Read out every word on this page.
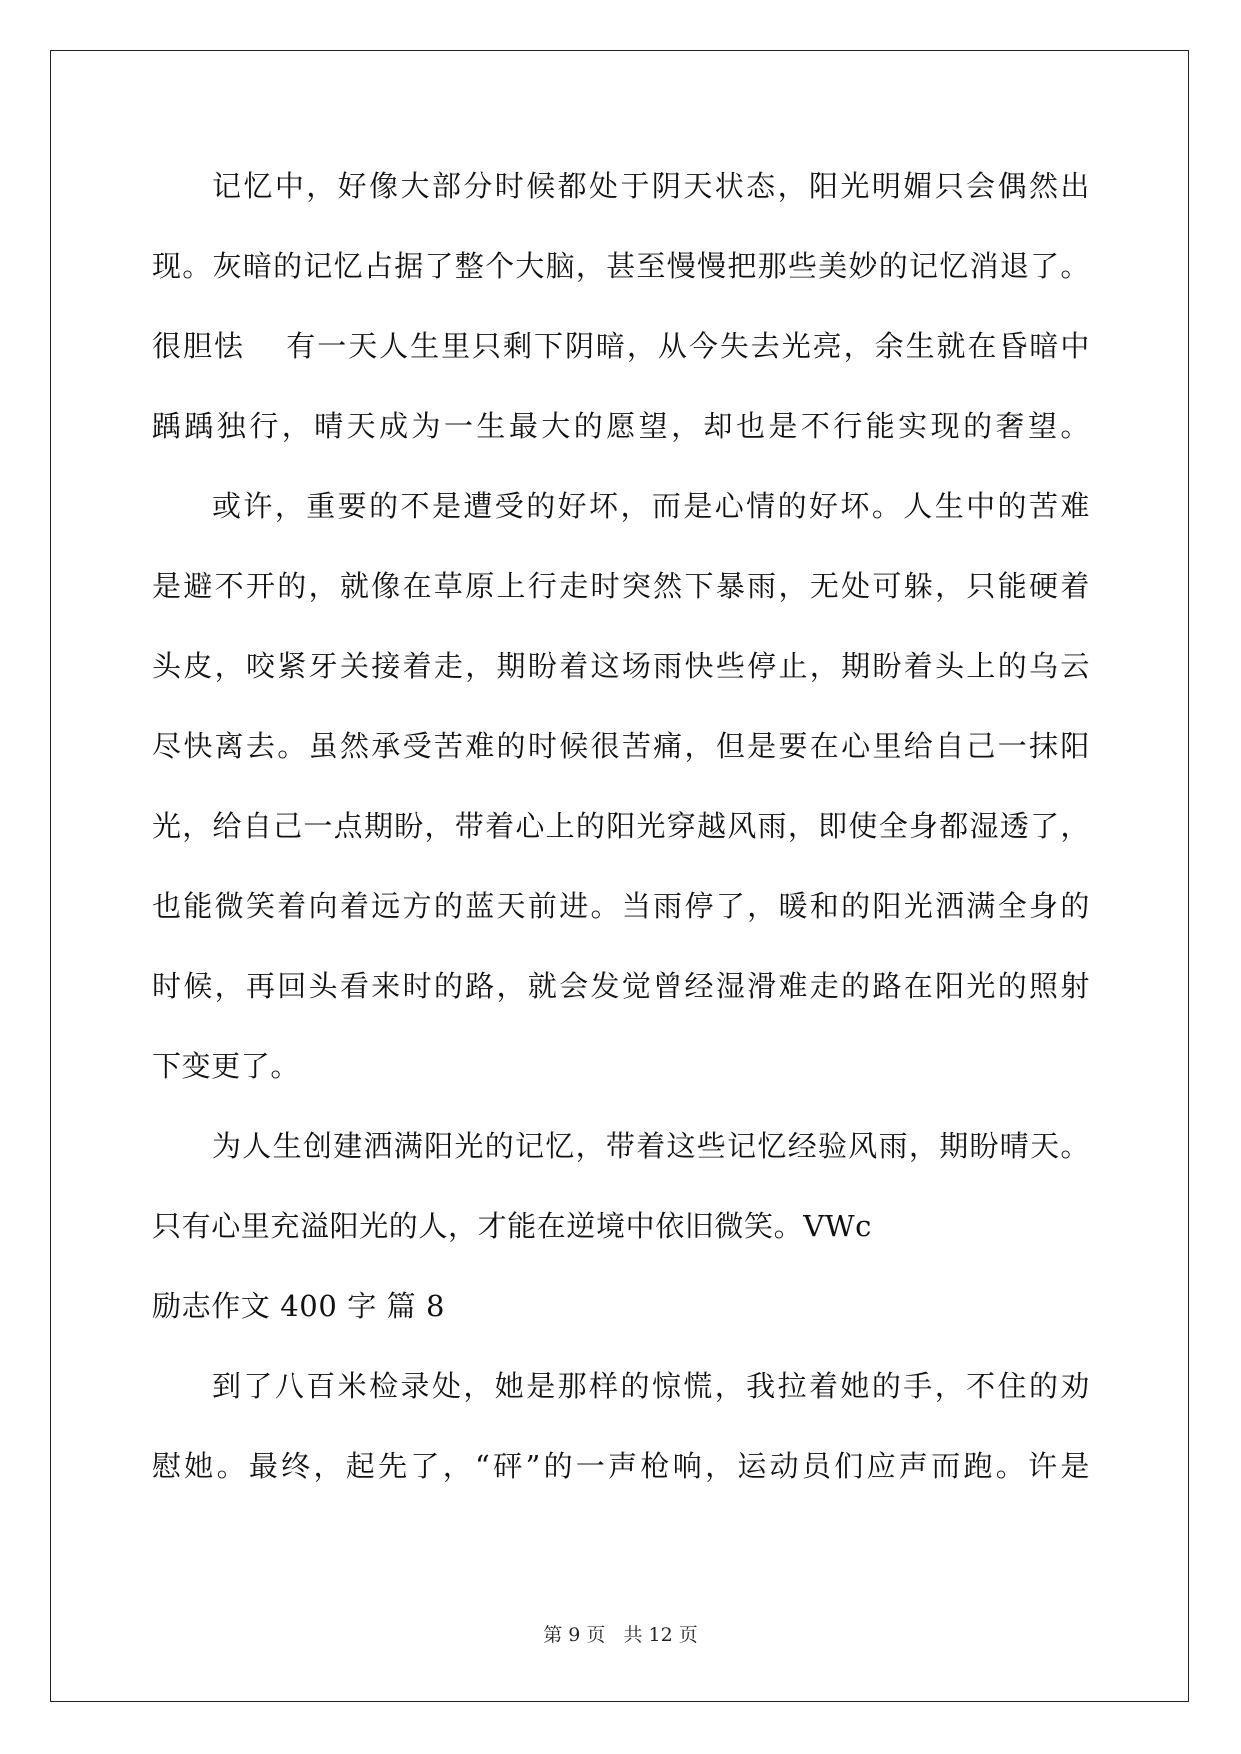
记忆中，好像大部分时候都处于阴天状态，阳光明媚只会偶然出
现。灰暗的记忆占据了整个大脑，甚至慢慢把那些美妙的记忆消退了。
很胆怯 有一天人生里只剩下阴暗，从今失去光亮，余生就在昏暗中
踽踽独行，晴天成为一生最大的愿望，却也是不行能实现的奢望。
或许，重要的不是遭受的好坏，而是心情的好坏。人生中的苦难
是避不开的，就像在草原上行走时突然下暴雨，无处可躲，只能硬着
头皮，咬紧牙关接着走，期盼着这场雨快些停止，期盼着头上的乌云
尽快离去。虽然承受苦难的时候很苦痛，但是要在心里给自己一抹阳
光，给自己一点期盼，带着心上的阳光穿越风雨，即使全身都湿透了，
也能微笑着向着远方的蓝天前进。当雨停了，暖和的阳光洒满全身的
时候，再回头看来时的路，就会发觉曾经湿滑难走的路在阳光的照射
下变更了。
为人生创建洒满阳光的记忆，带着这些记忆经验风雨，期盼晴天。
只有心里充溢阳光的人，才能在逆境中依旧微笑。VWc
励志作文 400 字 篇 8
到了八百米检录处，她是那样的惊慌，我拉着她的手，不住的劝
慰她。最终，起先了，“砰”的一声枪响，运动员们应声而跑。许是
第 9 页 共 12 页
